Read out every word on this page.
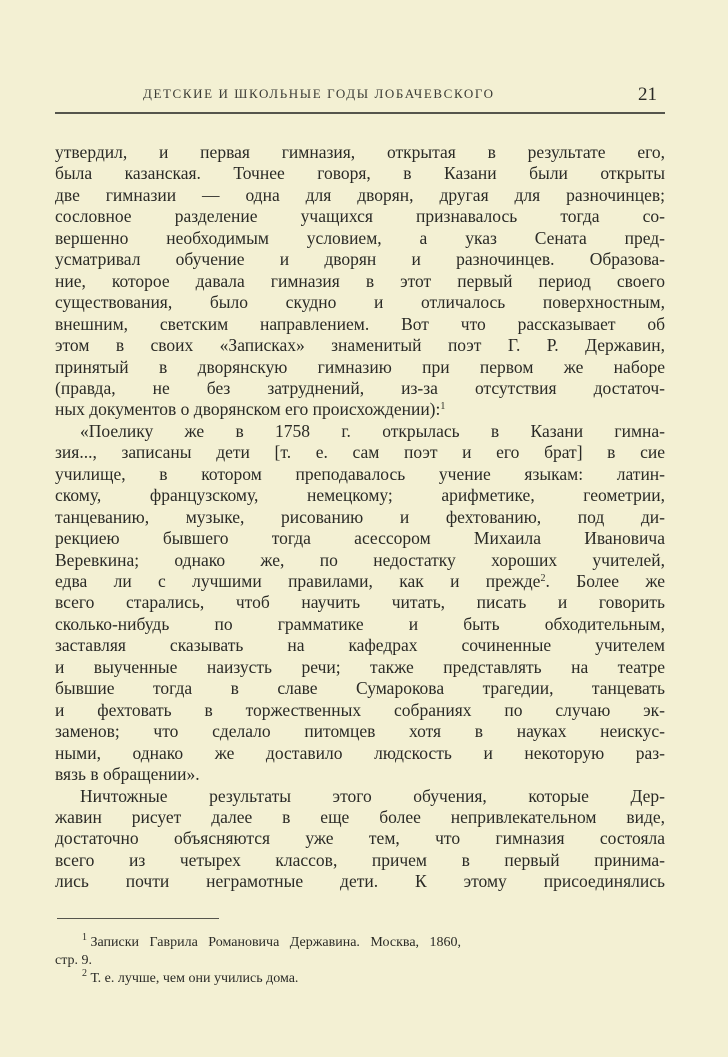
ДЕТСКИЕ И ШКОЛЬНЫЕ ГОДЫ ЛОБАЧЕВСКОГО	21
утвердил, и первая гимназия, открытая в результате его,
была казанская. Точнее говоря, в Казани были открыты
две гимназии — одна для дворян, другая для разночинцев;
сословное разделение учащихся признавалось тогда со-
вершенно необходимым условием, а указ Сената пред-
усматривал обучение и дворян и разночинцев. Образова-
ние, которое давала гимназия в этот первый период своего
существования, было скудно и отличалось поверхностным,
внешним, светским направлением. Вот что рассказывает об
этом в своих «Записках» знаменитый поэт Г. Р. Державин,
принятый в дворянскую гимназию при первом же наборе
(правда, не без затруднений, из-за отсутствия достаточ-
ных документов о дворянском его происхождении):$^1$
«Поелику же в 1758 г. открылась в Казани гимна-
зия..., записаны дети [т. е. сам поэт и его брат] в сие
училище, в котором преподавалось учение языкам: латин-
скому, французскому, немецкому; арифметике, геометрии,
танцеванию, музыке, рисованию и фехтованию, под ди-
рекциею бывшего тогда асессором Михаила Ивановича
Веревкина; однако же, по недостатку хороших учителей,
едва ли с лучшими правилами, как и прежде$^2$. Более же
всего старались, чтоб научить читать, писать и говорить
сколько-нибудь по грамматике и быть обходительным,
заставляя сказывать на кафедрах сочиненные учителем
и выученные наизусть речи; также представлять на театре
бывшие тогда в славе Сумарокова трагедии, танцевать
и фехтовать в торжественных собраниях по случаю эк-
заменов; что сделало питомцев хотя в науках неискус-
ными, однако же доставило людскость и некоторую раз-
вязь в обращении».
Ничтожные результаты этого обучения, которые Дер-
жавин рисует далее в еще более непривлекательном виде,
достаточно объясняются уже тем, что гимназия состояла
всего из четырех классов, причем в первый принима-
лись почти неграмотные дети. К этому присоединялись
$^1$ Записки Гаврила Романовича Державина. Москва, 1860,
стр. 9.
$^2$ Т. е. лучше, чем они учились дома.
